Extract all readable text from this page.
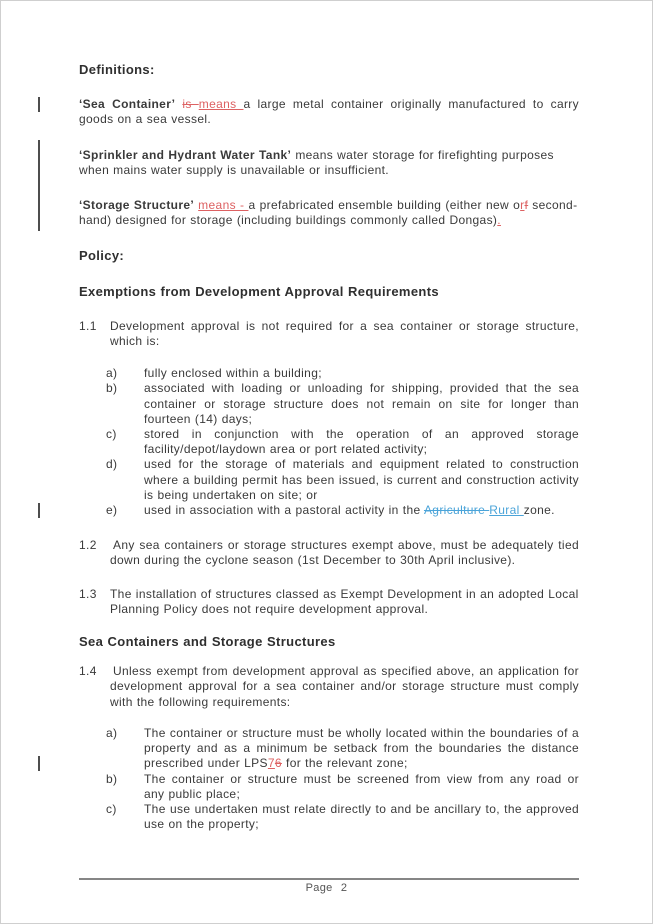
Definitions:

‘Sea Container’ is means a large metal container originally manufactured to carry goods on a sea vessel.

‘Sprinkler and Hydrant Water Tank’ means water storage for firefighting purposes when mains water supply is unavailable or insufficient.

‘Storage Structure’ means - a prefabricated ensemble building (either new orf second-hand) designed for storage (including buildings commonly called Dongas).

Policy:
Exemptions from Development Approval Requirements
1.1	Development approval is not required for a sea container or storage structure, which is:
a)	fully enclosed within a building;
b)	associated with loading or unloading for shipping, provided that the sea container or storage structure does not remain on site for longer than fourteen (14) days;
c)	stored in conjunction with the operation of an approved storage facility/depot/laydown area or port related activity;
d)	used for the storage of materials and equipment related to construction where a building permit has been issued, is current and construction activity is being undertaken on site; or
e)	used in association with a pastoral activity in the Agriculture Rural zone.
1.2	Any sea containers or storage structures exempt above, must be adequately tied down during the cyclone season (1st December to 30th April inclusive).
1.3	The installation of structures classed as Exempt Development in an adopted Local Planning Policy does not require development approval.
Sea Containers and Storage Structures
1.4	Unless exempt from development approval as specified above, an application for development approval for a sea container and/or storage structure must comply with the following requirements:
a)	The container or structure must be wholly located within the boundaries of a property and as a minimum be setback from the boundaries the distance prescribed under LPS76 for the relevant zone;
b)	The container or structure must be screened from view from any road or any public place;
c)	The use undertaken must relate directly to and be ancillary to, the approved use on the property;
Page 2
